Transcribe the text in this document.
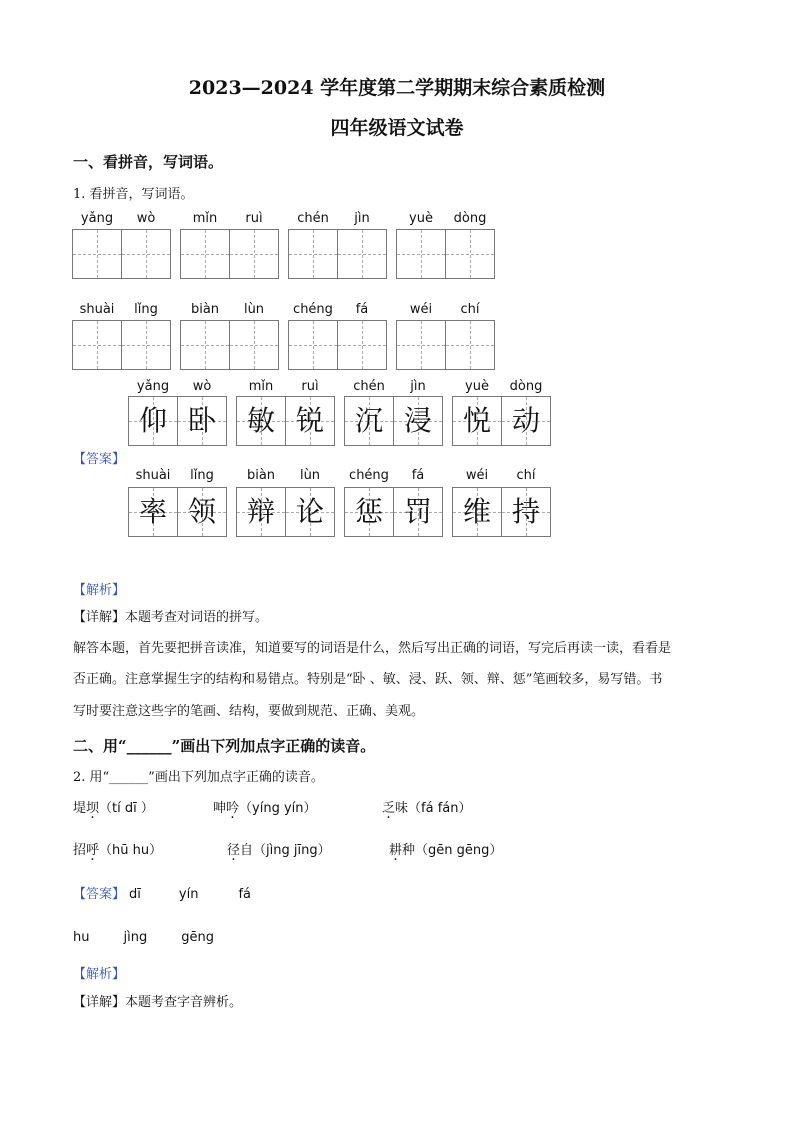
2023—2024 学年度第二学期期末综合素质检测
四年级语文试卷
一、看拼音，写词语。
1. 看拼音，写词语。
yǎng	wò	mǐn	ruì	chén	jìn	yuè	dòng
shuài	lǐng	biàn	lùn	chéng	fá	wéi	chí
yǎng	wò	mǐn	ruì	chén	jìn	yuè	dòng
仰 卧	敏 锐	沉 浸	悦 动
【答案】
shuài	lǐng	biàn	lùn	chéng	fá	wéi	chí
率 领	辩 论	惩 罚	维 持
【解析】
【详解】本题考查对词语的拼写。
解答本题，首先要把拼音读准，知道要写的词语是什么，然后写出正确的词语，写完后再读一读，看看是
否正确。注意掌握生字的结构和易错点。特别是“卧 、敏、浸、跃、领、辩、惩”笔画较多，易写错。书
写时要注意这些字的笔画、结构，要做到规范、正确、美观。
二、用“______”画出下列加点字正确的读音。
2. 用“______”画出下列加点字正确的读音。
堤坝（tí dī ）	呻吟（yíng yín）	乏味（fá fán）
招呼（hū hu）	径自（jìng jīng）	耕种（gēn gēng）
【答案】 dī	yín	fá
hu	jìng	gēng
【解析】
【详解】本题考查字音辨析。
